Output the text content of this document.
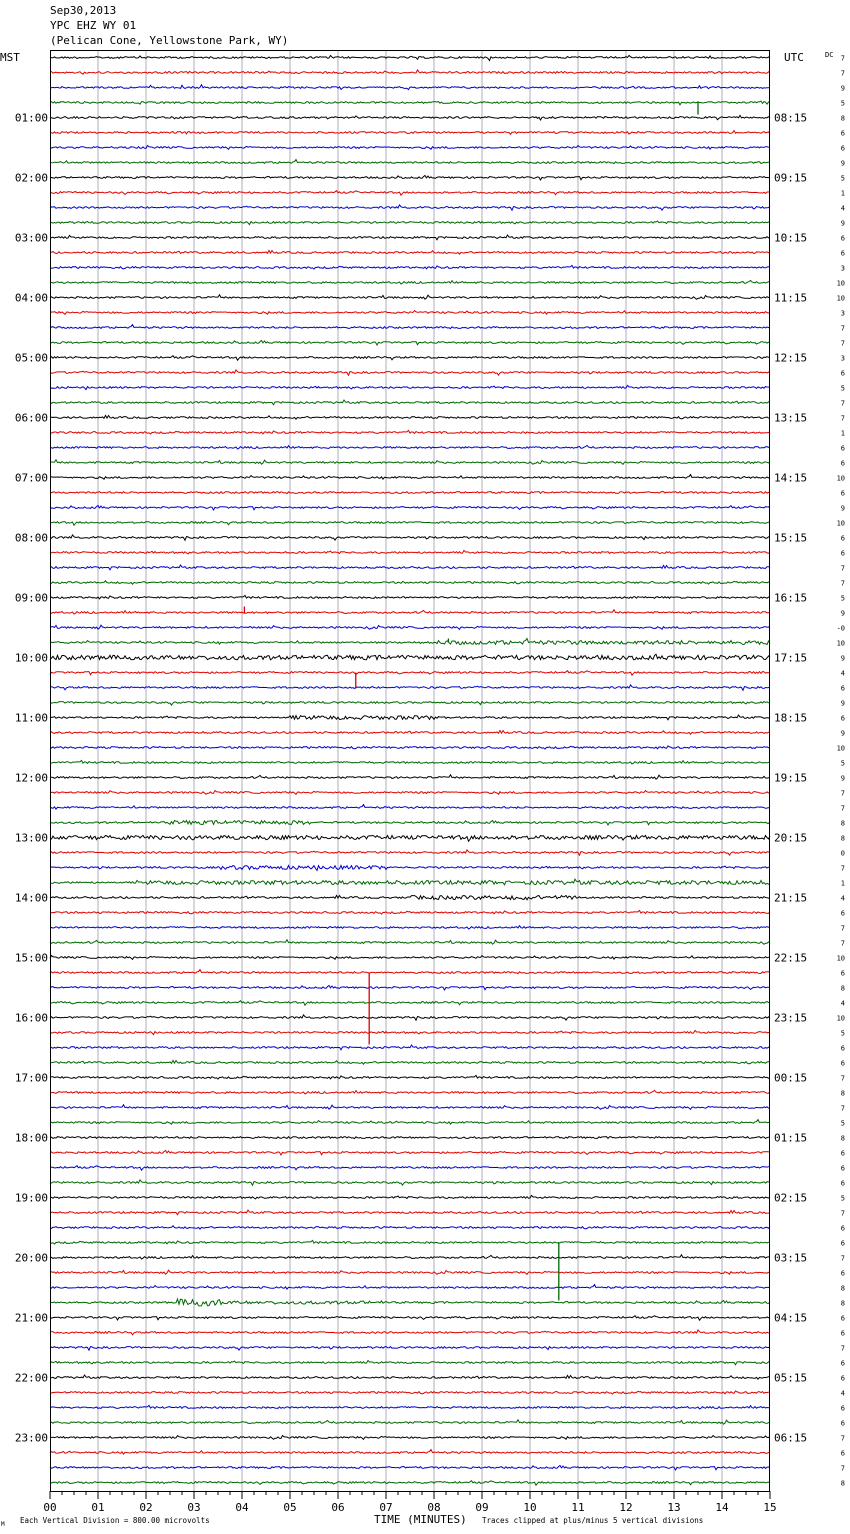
Sep30,2013
YPC EHZ WY 01
(Pelican Cone, Yellowstone Park, WY)
00	01	02	03	04	05	06	07	08	09	10	11	12	13	14	15
01:00
02:00
03:00
04:00
05:00
06:00
07:00
08:00
09:00
10:00
11:00
12:00
13:00
14:00
15:00
16:00
17:00
18:00
19:00
20:00
21:00
22:00
23:00
08:15
09:15
10:15
11:15
12:15
13:15
14:15
15:15
16:15
17:15
18:15
19:15
20:15
21:15
22:15
23:15
00:15
01:15
02:15
03:15
04:15
05:15
06:15
7
7
9
5
8
6
6
9
5
1
4
9
6
6
3
10
10
3
7
7
3
6
5
7
7
1
6
6
10
6
9
10
6
6
7
7
5
9
-0
10
9
4
6
9
6
9
10
5
9
7
7
8
8
0
7
1
4
6
7
7
10
6
8
4
10
5
6
6
7
8
7
5
8
6
6
6
5
7
6
6
7
6
8
8
6
6
7
6
6
4
6
6
7
6
7
8
MST	UTC	DC
TIME (MINUTES)
Each Vertical Division = 800.00 microvolts	Traces clipped at plus/minus 5 vertical divisions
M
